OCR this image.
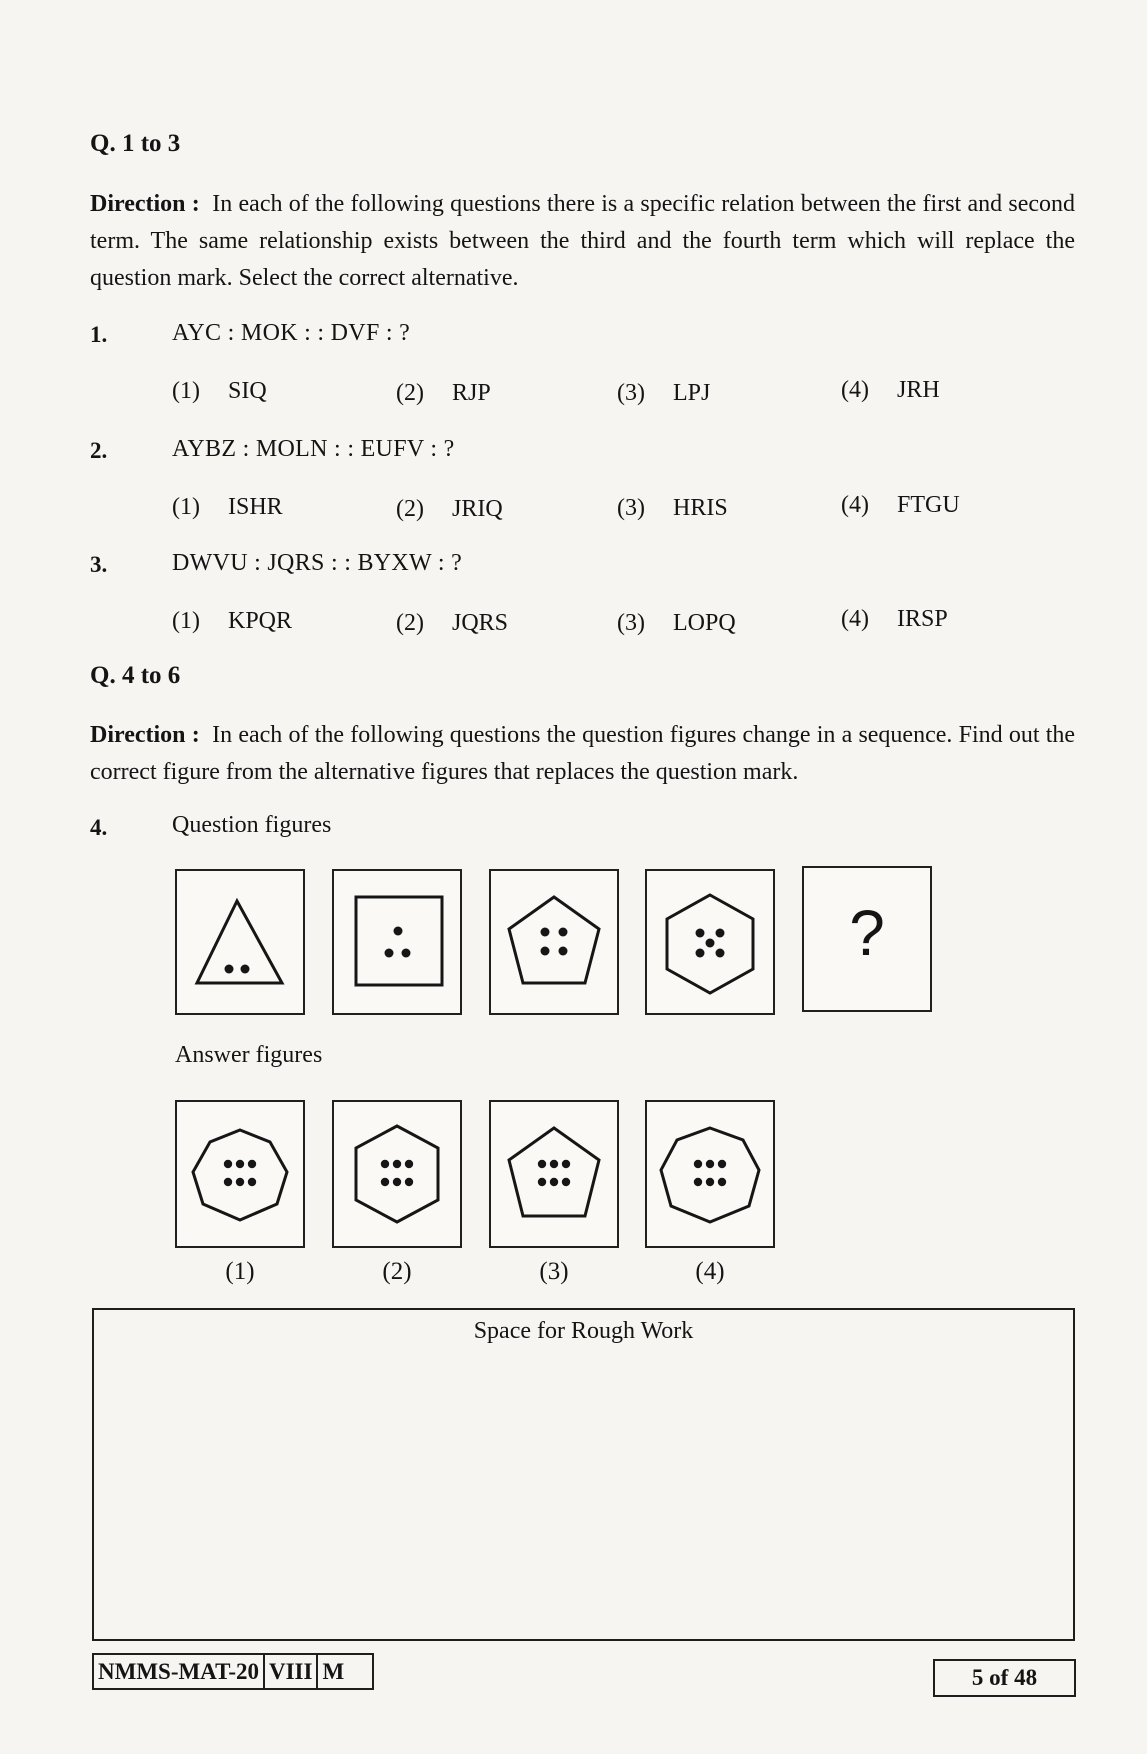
Q. 1 to 3
Direction : In each of the following questions there is a specific relation between the first and second term. The same relationship exists between the third and the fourth term which will replace the question mark. Select the correct alternative.
1.	AYC : MOK : : DVF : ?
(1) SIQ	(2) RJP	(3) LPJ	(4) JRH
2.	AYBZ : MOLN : : EUFV : ?
(1) ISHR	(2) JRIQ	(3) HRIS	(4) FTGU
3.	DWVU : JQRS : : BYXW : ?
(1) KPQR	(2) JQRS	(3) LOPQ	(4) IRSP
Q. 4 to 6
Direction : In each of the following questions the question figures change in a sequence. Find out the correct figure from the alternative figures that replaces the question mark.
4.	Question figures
?
Answer figures
(1)	(2)	(3)	(4)
Space for Rough Work
NMMS-MAT-20 VIII M	5 of 48
